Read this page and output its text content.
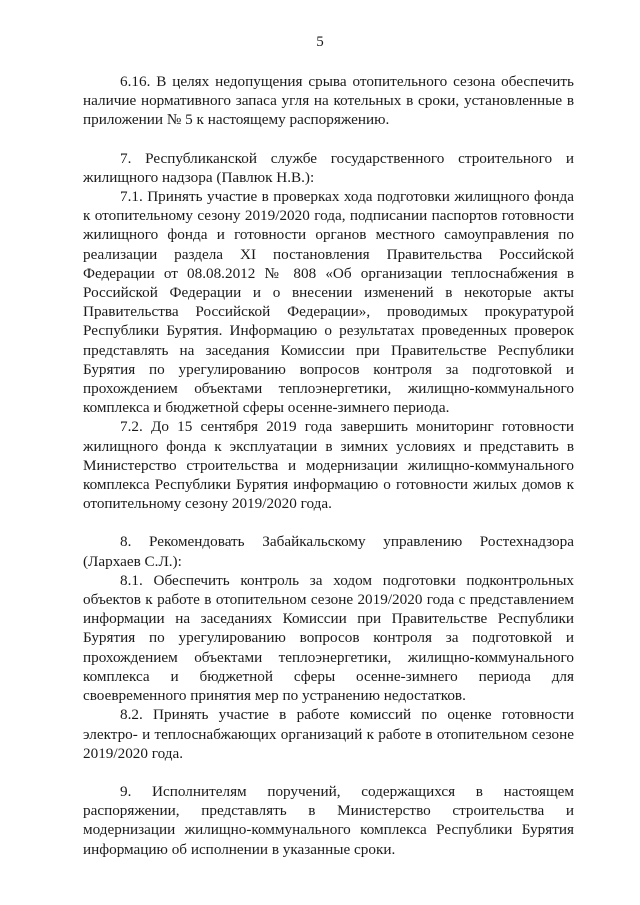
5

6.16. В целях недопущения срыва отопительного сезона обеспечить наличие нормативного запаса угля на котельных в сроки, установленные в приложении № 5 к настоящему распоряжению.

7. Республиканской службе государственного строительного и жилищного надзора (Павлюк Н.В.):

7.1. Принять участие в проверках хода подготовки жилищного фонда к отопительному сезону 2019/2020 года, подписании паспортов готовности жилищного фонда и готовности органов местного самоуправления по реализации раздела XI постановления Правительства Российской Федерации от 08.08.2012 № 808 «Об организации теплоснабжения в Российской Федерации и о внесении изменений в некоторые акты Правительства Российской Федерации», проводимых прокуратурой Республики Бурятия. Информацию о результатах проведенных проверок представлять на заседания Комиссии при Правительстве Республики Бурятия по урегулированию вопросов контроля за подготовкой и прохождением объектами теплоэнергетики, жилищно-коммунального комплекса и бюджетной сферы осенне-зимнего периода.

7.2. До 15 сентября 2019 года завершить мониторинг готовности жилищного фонда к эксплуатации в зимних условиях и представить в Министерство строительства и модернизации жилищно-коммунального комплекса Республики Бурятия информацию о готовности жилых домов к отопительному сезону 2019/2020 года.

8. Рекомендовать Забайкальскому управлению Ростехнадзора (Лархаев С.Л.):

8.1. Обеспечить контроль за ходом подготовки подконтрольных объектов к работе в отопительном сезоне 2019/2020 года с представлением информации на заседаниях Комиссии при Правительстве Республики Бурятия по урегулированию вопросов контроля за подготовкой и прохождением объектами теплоэнергетики, жилищно-коммунального комплекса и бюджетной сферы осенне-зимнего периода для своевременного принятия мер по устранению недостатков.

8.2. Принять участие в работе комиссий по оценке готовности электро- и теплоснабжающих организаций к работе в отопительном сезоне 2019/2020 года.

9. Исполнителям поручений, содержащихся в настоящем распоряжении, представлять в Министерство строительства и модернизации жилищно-коммунального комплекса Республики Бурятия информацию об исполнении в указанные сроки.
